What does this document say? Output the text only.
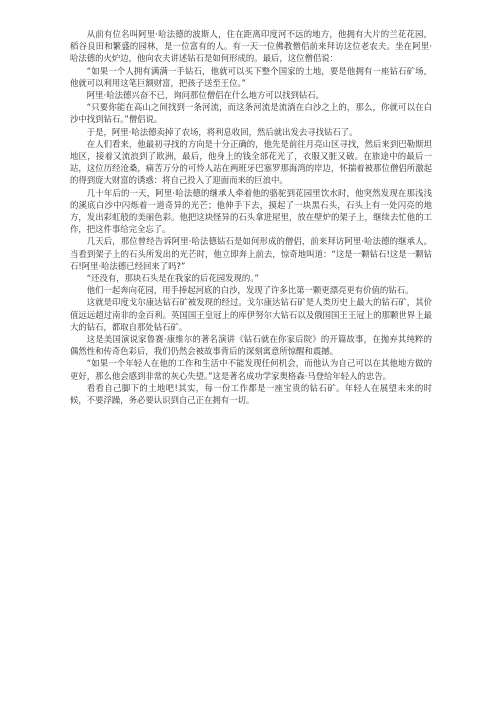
从前有位名叫阿里·哈法德的波斯人，住在距离印度河不远的地方，他拥有大片的兰花花园，稻谷良田和繁盛的园林，是一位富有的人。有一天一位佛教僧侣前来拜访这位老农夫。坐在阿里·哈法德的火炉边，他向农夫讲述钻石是如何形成的。最后，这位僧侣说：

“如果一个人拥有满满一手钻石，他就可以买下整个国家的土地，要是他拥有一座钻石矿场，他就可以利用这笔巨额财富，把孩子送至王位。”

阿里·哈法德兴奋不已，询问那位僧侣在什么地方可以找到钻石。

“只要你能在高山之间找到一条河流，而这条河流是流淌在白沙之上的，那么，你就可以在白沙中找到钻石。”僧侣说。

于是，阿里·哈法德卖掉了农场，将利息收回，然后就出发去寻找钻石了。

在人们看来，他最初寻找的方向是十分正确的，他先是前往月亮山区寻找，然后来到巴勒斯坦地区，接着又流浪到了欧洲，最后，他身上的钱全部花光了，衣服又脏又破。在旅途中的最后一站，这位历经沧桑，痛苦万分的可怜人站在两班牙巴塞罗那海湾的岸边，怀揣着被那位僧侣所激起的得到庞大财富的诱惑：将自己投入了迎面而来的巨浪中。

几十年后的一天，阿里·哈法德的继承人牵着他的骆驼到花园里饮水时，他突然发现在那浅浅的溪底白沙中闪烁着一道奇异的光芒；他伸手下去，摸起了一块黑石头，石头上有一处闪亮的地方，发出彩虹般的美丽色彩。他把这块怪异的石头拿进屋里，放在壁炉的架子上，继续去忙他的工作，把这件事给完全忘了。

几天后，那位曾经告诉阿里·哈法德钻石是如何形成的僧侣，前来拜访阿里·哈法德的继承人。当看到架子上的石头所发出的光芒时，他立即奔上前去，惊奇地叫道：“这是一颗钻石!这是一颗钻石!阿里·哈法德已经回来了吗?”

“还没有，那块石头是在我家的后花园发现的。”

他们一起奔向花园，用手捧起河底的白沙，发现了许多比第一颗更漂亮更有价值的钻石。

这就是印度戈尔康达钻石矿被发现的经过。戈尔康达钻石矿是人类历史上最大的钻石矿，其价值远远超过南非的金百利。英国国王皇冠上的库伊努尔大钻石以及俄国国王王冠上的那颗世界上最大的钻石，都取自那处钻石矿。

这是美国演说家鲁赛·康维尔的著名演讲《钻石就在你家后院》的开篇故事，在抛弃其纯粹的偶然性和传奇色彩后，我们仍然会被故事背后的深刻寓意所惊醒和震撼。

“如果一个年轻人在他的工作和生活中不能发现任何机会，而他认为自己可以在其他地方做的更好，那么他会感到非常的灰心失望。”这是著名成功学家奥格森·马登给年轻人的忠告。

看看自己脚下的土地吧!其实，每一份工作都是一座宝贵的钻石矿。年轻人在展望未来的时候，不要浮躁，务必要认识到自己正在拥有一切。
